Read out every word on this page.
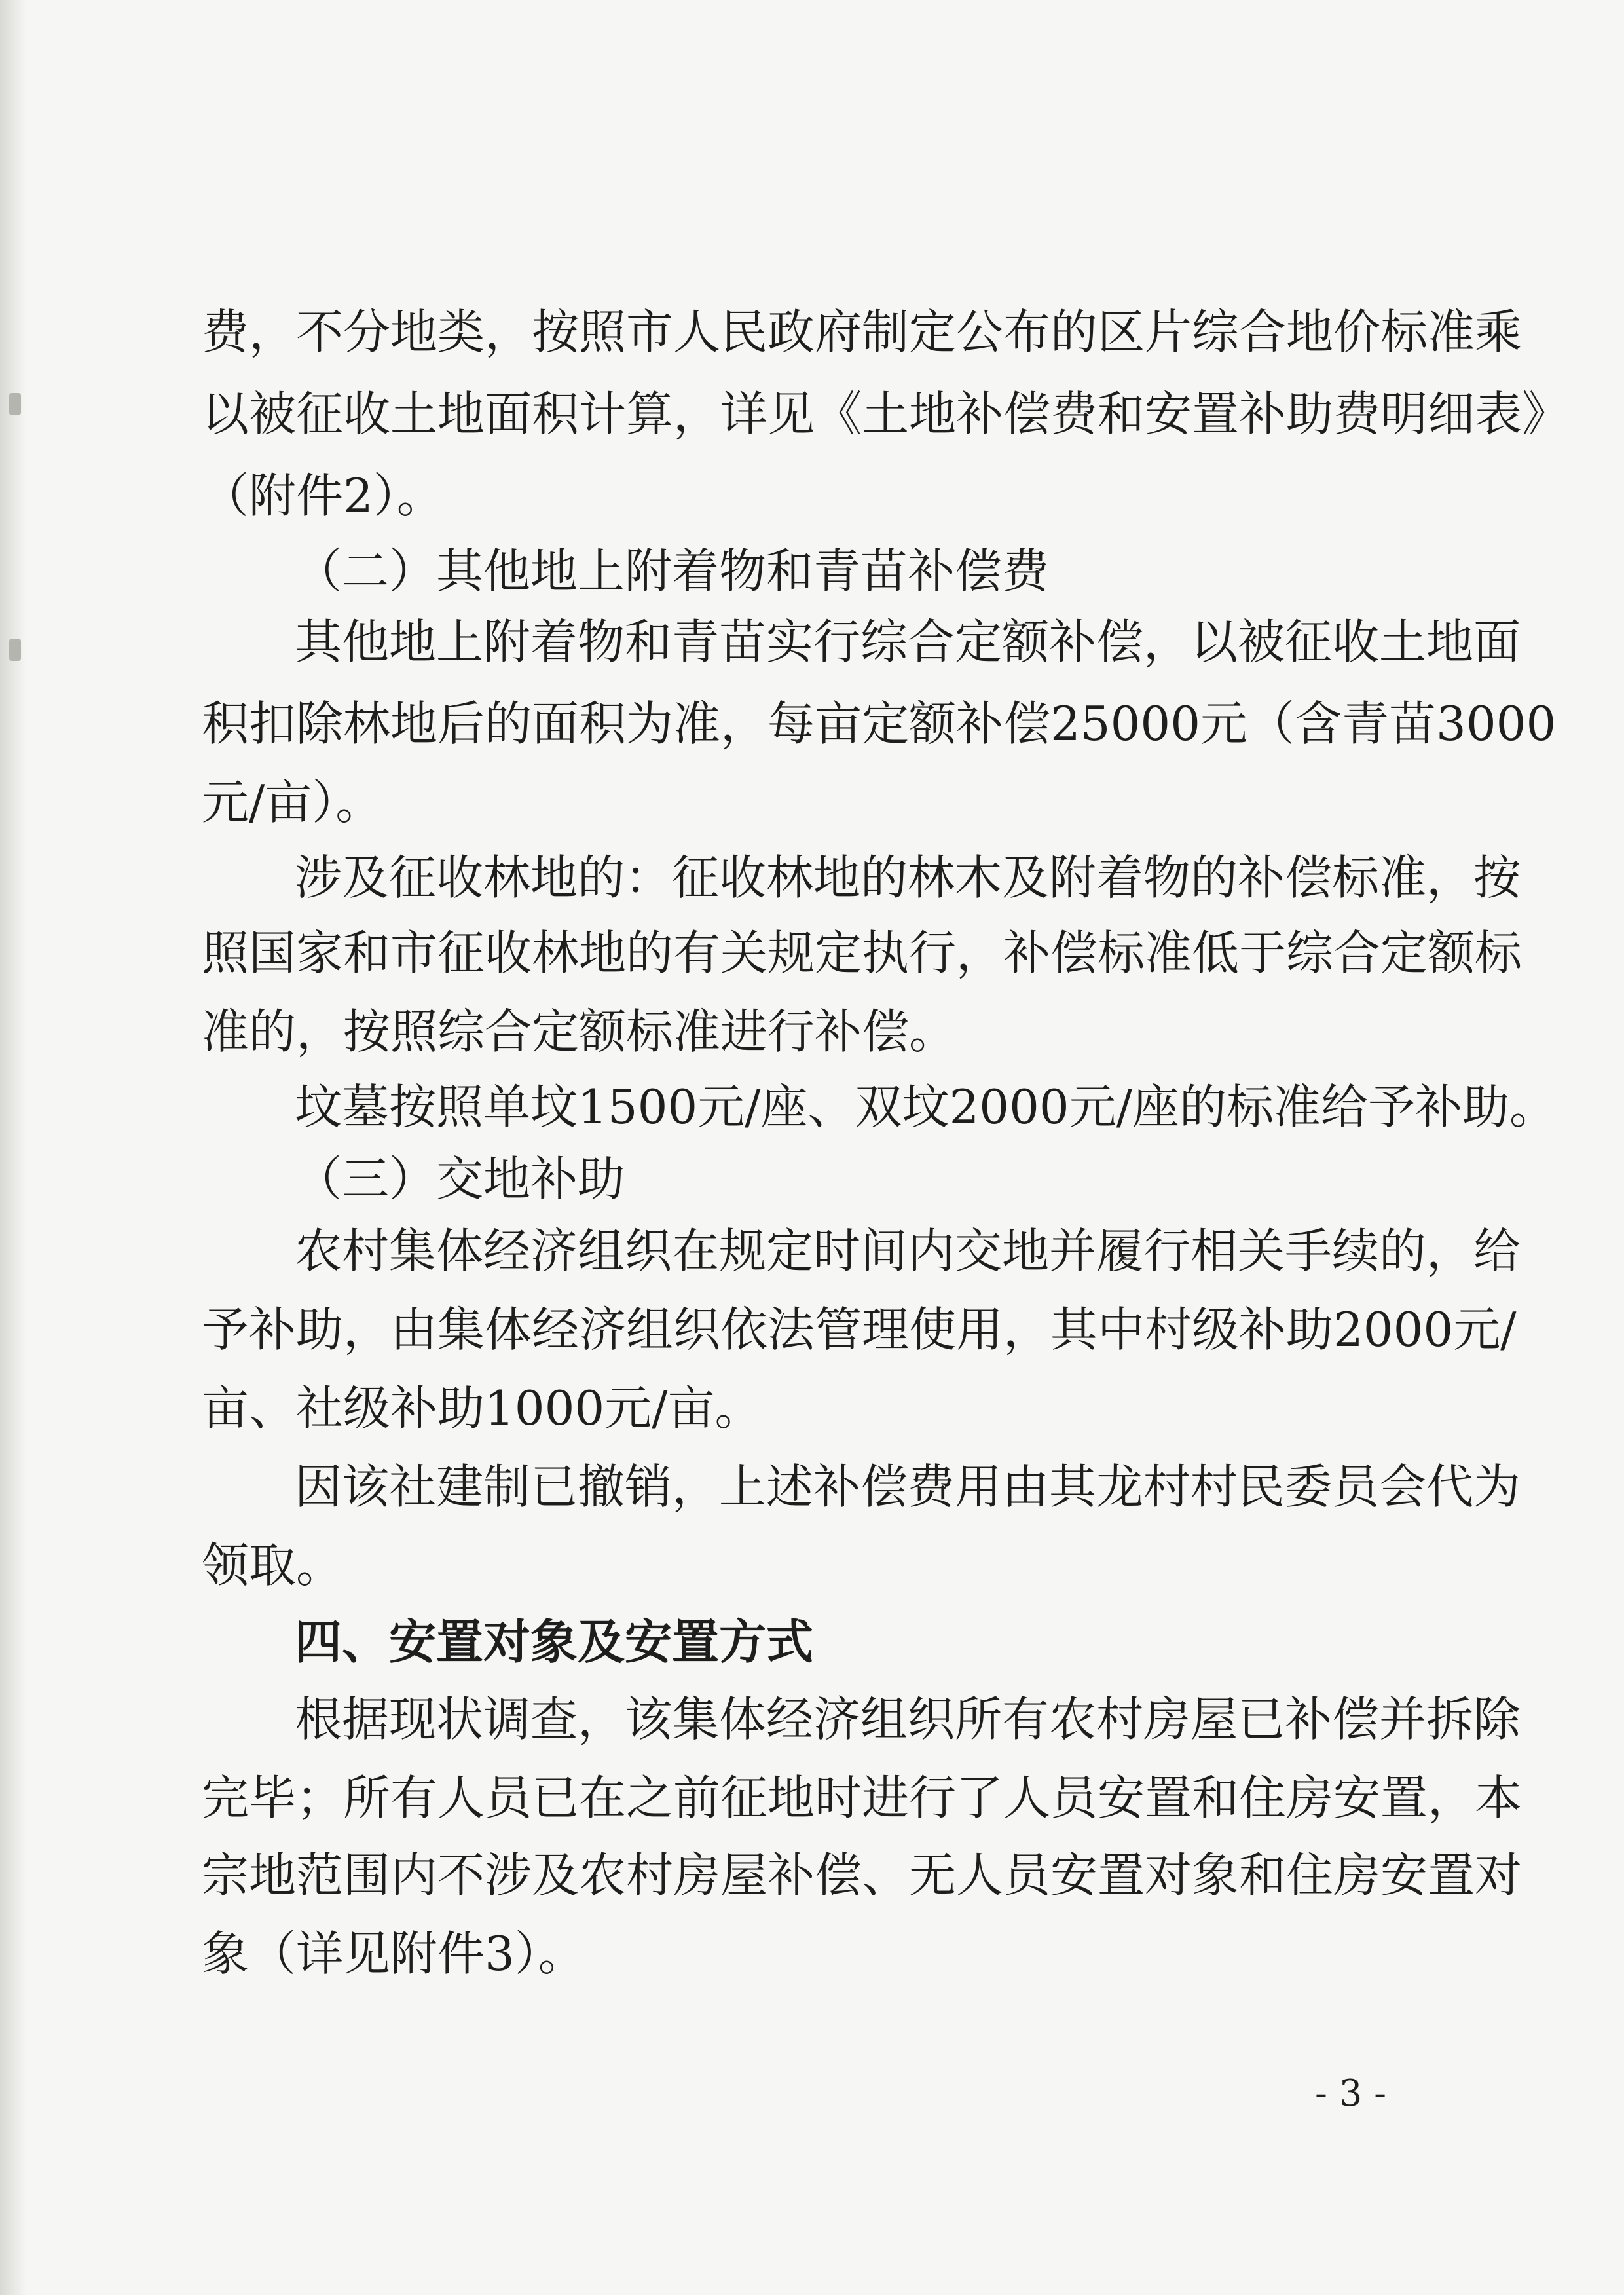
费，不分地类，按照市人民政府制定公布的区片综合地价标准乘
以被征收土地面积计算，详见《土地补偿费和安置补助费明细表》
（附件2）。
（二）其他地上附着物和青苗补偿费
其他地上附着物和青苗实行综合定额补偿，以被征收土地面
积扣除林地后的面积为准，每亩定额补偿25000元（含青苗3000
元/亩）。
涉及征收林地的：征收林地的林木及附着物的补偿标准，按
照国家和市征收林地的有关规定执行，补偿标准低于综合定额标
准的，按照综合定额标准进行补偿。
坟墓按照单坟1500元/座、双坟2000元/座的标准给予补助。
（三）交地补助
农村集体经济组织在规定时间内交地并履行相关手续的，给
予补助，由集体经济组织依法管理使用，其中村级补助2000元/
亩、社级补助1000元/亩。
因该社建制已撤销，上述补偿费用由其龙村村民委员会代为
领取。
四、安置对象及安置方式
根据现状调查，该集体经济组织所有农村房屋已补偿并拆除
完毕；所有人员已在之前征地时进行了人员安置和住房安置，本
宗地范围内不涉及农村房屋补偿、无人员安置对象和住房安置对
象（详见附件3）。
- 3 -
